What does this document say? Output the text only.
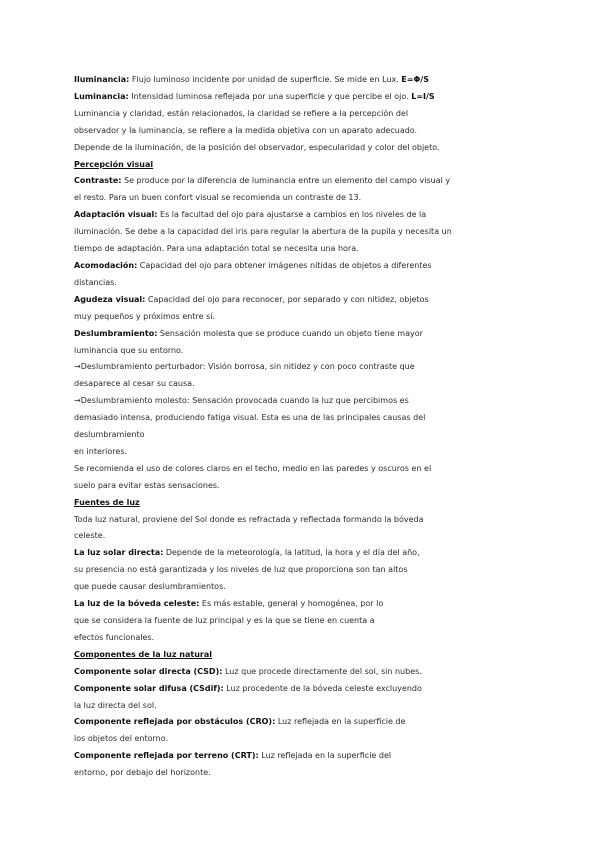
Iluminancia: Flujo luminoso incidente por unidad de superficie. Se mide en Lux. E=Φ/S
Luminancia: Intensidad luminosa reflejada por una superficie y que percibe el ojo. L=I/S
Luminancia y claridad, están relacionados, la claridad se refiere a la percepción del
observador y la luminancia, se refiere a la medida objetiva con un aparato adecuado.
Depende de la iluminación, de la posición del observador, especularidad y color del objeto.
Percepción visual
Contraste: Se produce por la diferencia de luminancia entre un elemento del campo visual y
el resto. Para un buen confort visual se recomienda un contraste de 13.
Adaptación visual: Es la facultad del ojo para ajustarse a cambios en los niveles de la
iluminación. Se debe a la capacidad del iris para regular la abertura de la pupila y necesita un
tiempo de adaptación. Para una adaptación total se necesita una hora.
Acomodación: Capacidad del ojo para obtener imágenes nítidas de objetos a diferentes
distancias.
Agudeza visual: Capacidad del ojo para reconocer, por separado y con nitidez, objetos
muy pequeños y próximos entre sí.
Deslumbramiento: Sensación molesta que se produce cuando un objeto tiene mayor
luminancia que su entorno.
→Deslumbramiento perturbador: Visión borrosa, sin nitidez y con poco contraste que
desaparece al cesar su causa.
→Deslumbramiento molesto: Sensación provocada cuando la luz que percibimos es
demasiado intensa, produciendo fatiga visual. Esta es una de las principales causas del
deslumbramiento
en interiores.
Se recomienda el uso de colores claros en el techo, medio en las paredes y oscuros en el
suelo para evitar estas sensaciones.
Fuentes de luz
Toda luz natural, proviene del Sol donde es refractada y reflectada formando la bóveda
celeste.
La luz solar directa: Depende de la meteorología, la latitud, la hora y el día del año,
su presencia no está garantizada y los niveles de luz que proporciona son tan altos
que puede causar deslumbramientos.
La luz de la bóveda celeste: Es más estable, general y homogénea, por lo
que se considera la fuente de luz principal y es la que se tiene en cuenta a
efectos funcionales.
Componentes de la luz natural
Componente solar directa (CSD): Luz que procede directamente del sol, sin nubes.
Componente solar difusa (CSdif): Luz procedente de la bóveda celeste excluyendo
la luz directa del sol.
Componente reflejada por obstáculos (CRO): Luz reflejada en la superficie de
los objetos del entorno.
Componente reflejada por terreno (CRT): Luz reflejada en la superficie del
entorno, por debajo del horizonte.
